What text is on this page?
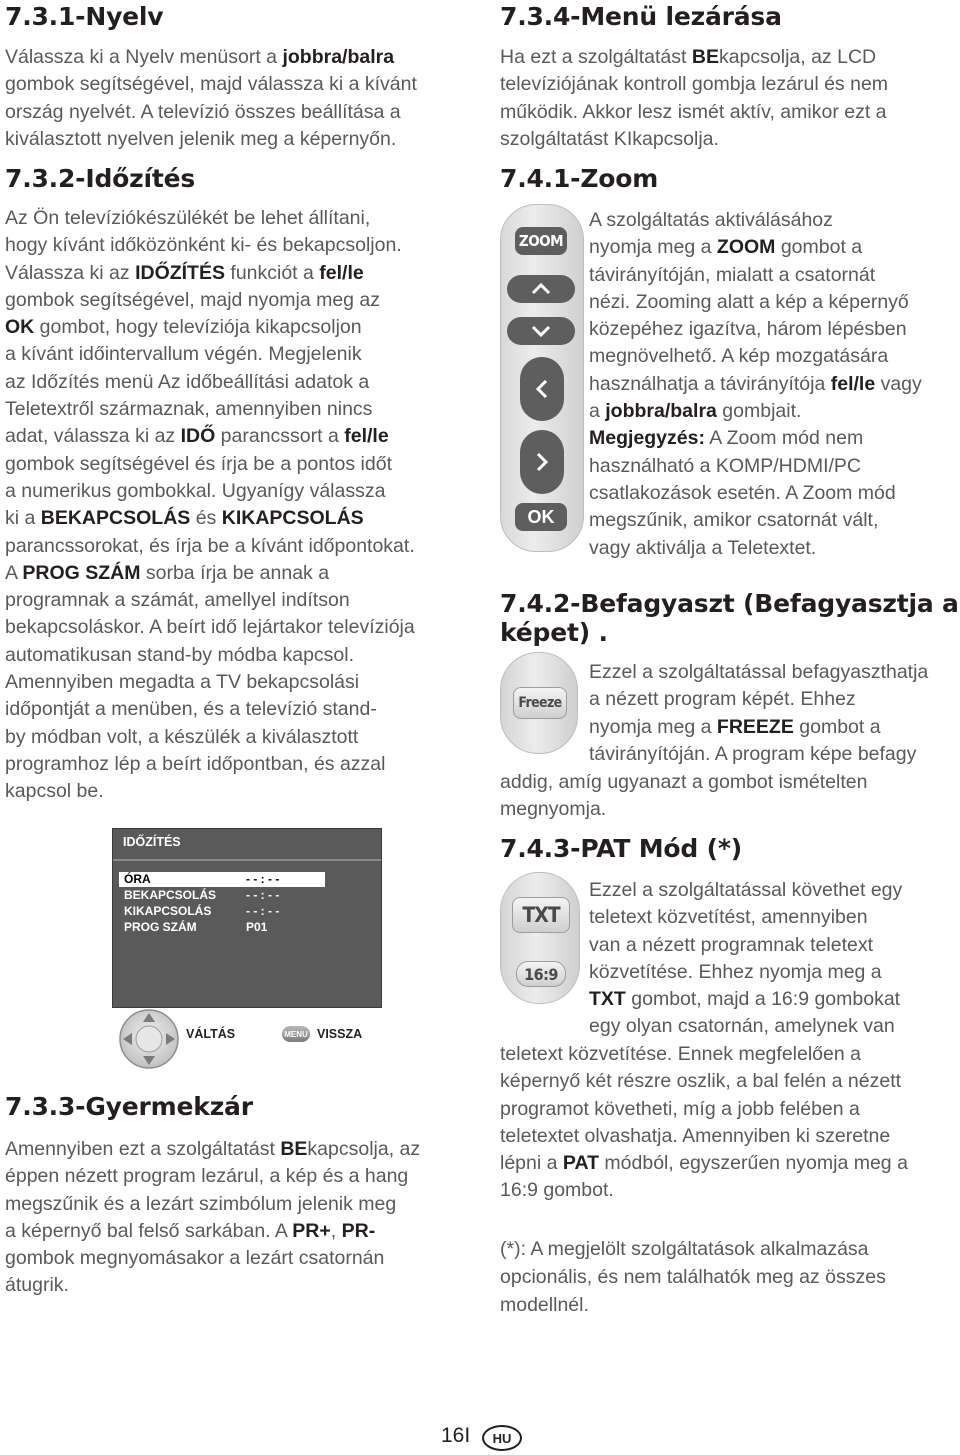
7.3.1-Nyelv

Válassza ki a Nyelv menüsort a jobbra/balra

gombok segítségével, majd válassza ki a kívánt

ország nyelvét. A televízió összes beállítása a

kiválasztott nyelven jelenik meg a képernyőn.

7.3.2-Időzítés

Az Ön televíziókészülékét be lehet állítani,

hogy kívánt időközönként ki- és bekapcsoljon.

Válassza ki az IDŐZÍTÉS funkciót a fel/le

gombok segítségével, majd nyomja meg az

OK gombot, hogy televíziója kikapcsoljon

a kívánt időintervallum végén. Megjelenik

az Időzítés menü Az időbeállítási adatok a

Teletextről származnak, amennyiben nincs

adat, válassza ki az IDŐ parancssort a fel/le

gombok segítségével és írja be a pontos időt

a numerikus gombokkal. Ugyanígy válassza

ki a BEKAPCSOLÁS és KIKAPCSOLÁS

parancssorokat, és írja be a kívánt időpontokat.

A PROG SZÁM sorba írja be annak a

programnak a számát, amellyel indítson

bekapcsoláskor. A beírt idő lejártakor televíziója

automatikusan stand-by módba kapcsol.

Amennyiben megadta a TV bekapcsolási

időpontját a menüben, és a televízió stand-

by módban volt, a készülék a kiválasztott

programhoz lép a beírt időpontban, és azzal

kapcsol be.

IDŐZÍTÉS
ÓRA	- - : - -
BEKAPCSOLÁS - - : - -
KIKAPCSOLÁS	- - : - -
PROG SZÁM	P01
VÁLTÁS	MENU VISSZA
7.3.3-Gyermekzár

Amennyiben ezt a szolgáltatást BEkapcsolja, az

éppen nézett program lezárul, a kép és a hang

megszűnik és a lezárt szimbólum jelenik meg

a képernyő bal felső sarkában. A PR+, PR-

gombok megnyomásakor a lezárt csatornán

átugrik.

7.3.4-Menü lezárása

Ha ezt a szolgáltatást BEkapcsolja, az LCD

televíziójának kontroll gombja lezárul és nem

működik. Akkor lesz ismét aktív, amikor ezt a

szolgáltatást KIkapcsolja.

7.4.1-Zoom
ZOOM
OK

A szolgáltatás aktiválásához

nyomja meg a ZOOM gombot a

távirányítóján, mialatt a csatornát

nézi. Zooming alatt a kép a képernyő

közepéhez igazítva, három lépésben

megnövelhető. A kép mozgatására

használhatja a távirányítója fel/le vagy

a jobbra/balra gombjait.

Megjegyzés: A Zoom mód nem

használható a KOMP/HDMI/PC

csatlakozások esetén. A Zoom mód

megszűnik, amikor csatornát vált,

vagy aktiválja a Teletextet.

7.4.2-Befagyaszt (Befagyasztja a
képet) .
Freeze

Ezzel a szolgáltatással befagyaszthatja

a nézett program képét. Ehhez

nyomja meg a FREEZE gombot a

távirányítóján. A program képe befagy

addig, amíg ugyanazt a gombot ismételten

megnyomja.

7.4.3-PAT Mód (*)
TXT
16:9

Ezzel a szolgáltatással követhet egy

teletext közvetítést, amennyiben

van a nézett programnak teletext

közvetítése. Ehhez nyomja meg a

TXT gombot, majd a 16:9 gombokat

egy olyan csatornán, amelynek van

teletext közvetítése. Ennek megfelelően a

képernyő két részre oszlik, a bal felén a nézett

programot követheti, míg a jobb felében a

teletextet olvashatja. Amennyiben ki szeretne

lépni a PAT módból, egyszerűen nyomja meg a

16:9 gombot.

(*): A megjelölt szolgáltatások alkalmazása

opcionális, és nem találhatók meg az összes

modellnél.

16I	HU
